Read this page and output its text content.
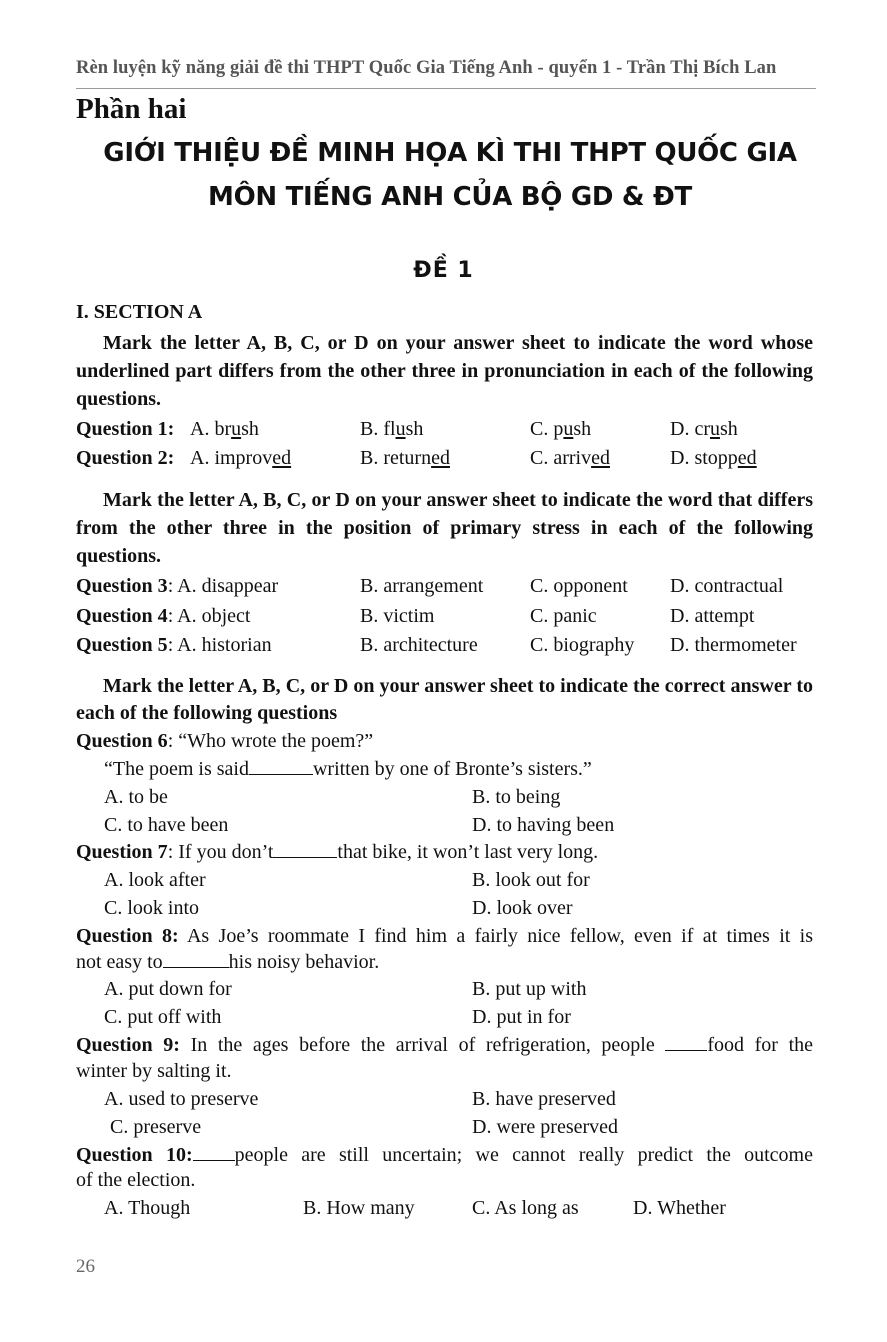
Rèn luyện kỹ năng giải đề thi THPT Quốc Gia Tiếng Anh - quyển 1 - Trần Thị Bích Lan
Phần hai
GIỚI THIỆU ĐỀ MINH HỌA KÌ THI THPT QUỐC GIA
MÔN TIẾNG ANH CỦA BỘ GD & ĐT
ĐỀ 1
I. SECTION A
Mark the letter A, B, C, or D on your answer sheet to indicate the word whose underlined part differs from the other three in pronunciation in each of the following questions.
Question 1: A. brush	B. flush	C. push	D. crush
Question 2: A. improved	B. returned	C. arrived	D. stopped
Mark the letter A, B, C, or D on your answer sheet to indicate the word that differs from the other three in the position of primary stress in each of the following questions.
Question 3: A. disappear	B. arrangement C. opponent D. contractual
Question 4: A. object	B. victim	C. panic	D. attempt
Question 5: A. historian	B. architecture	C. biography D. thermometer
Mark the letter A, B, C, or D on your answer sheet to indicate the correct answer to each of the following questions
Question 6: “Who wrote the poem?”
“The poem is said	written by one of Bronte’s sisters.”
A. to be	B. to being
C. to have been	D. to having been
Question 7: If you don’t	that bike, it won’t last very long.
A. look after	B. look out for
C. look into	D. look over
Question 8: As Joe’s roommate I find him a fairly nice fellow, even if at times it is
not easy to	his noisy behavior.
A. put down for	B. put up with
C. put off with	D. put in for
Question 9: In the ages before the arrival of refrigeration, people	food for the
winter by salting it.
A. used to preserve	B. have preserved
C. preserve	D. were preserved
Question 10: people are still uncertain; we cannot really predict the outcome
of the election.
A. Though	B. How many	C. As long as	D. Whether
26
